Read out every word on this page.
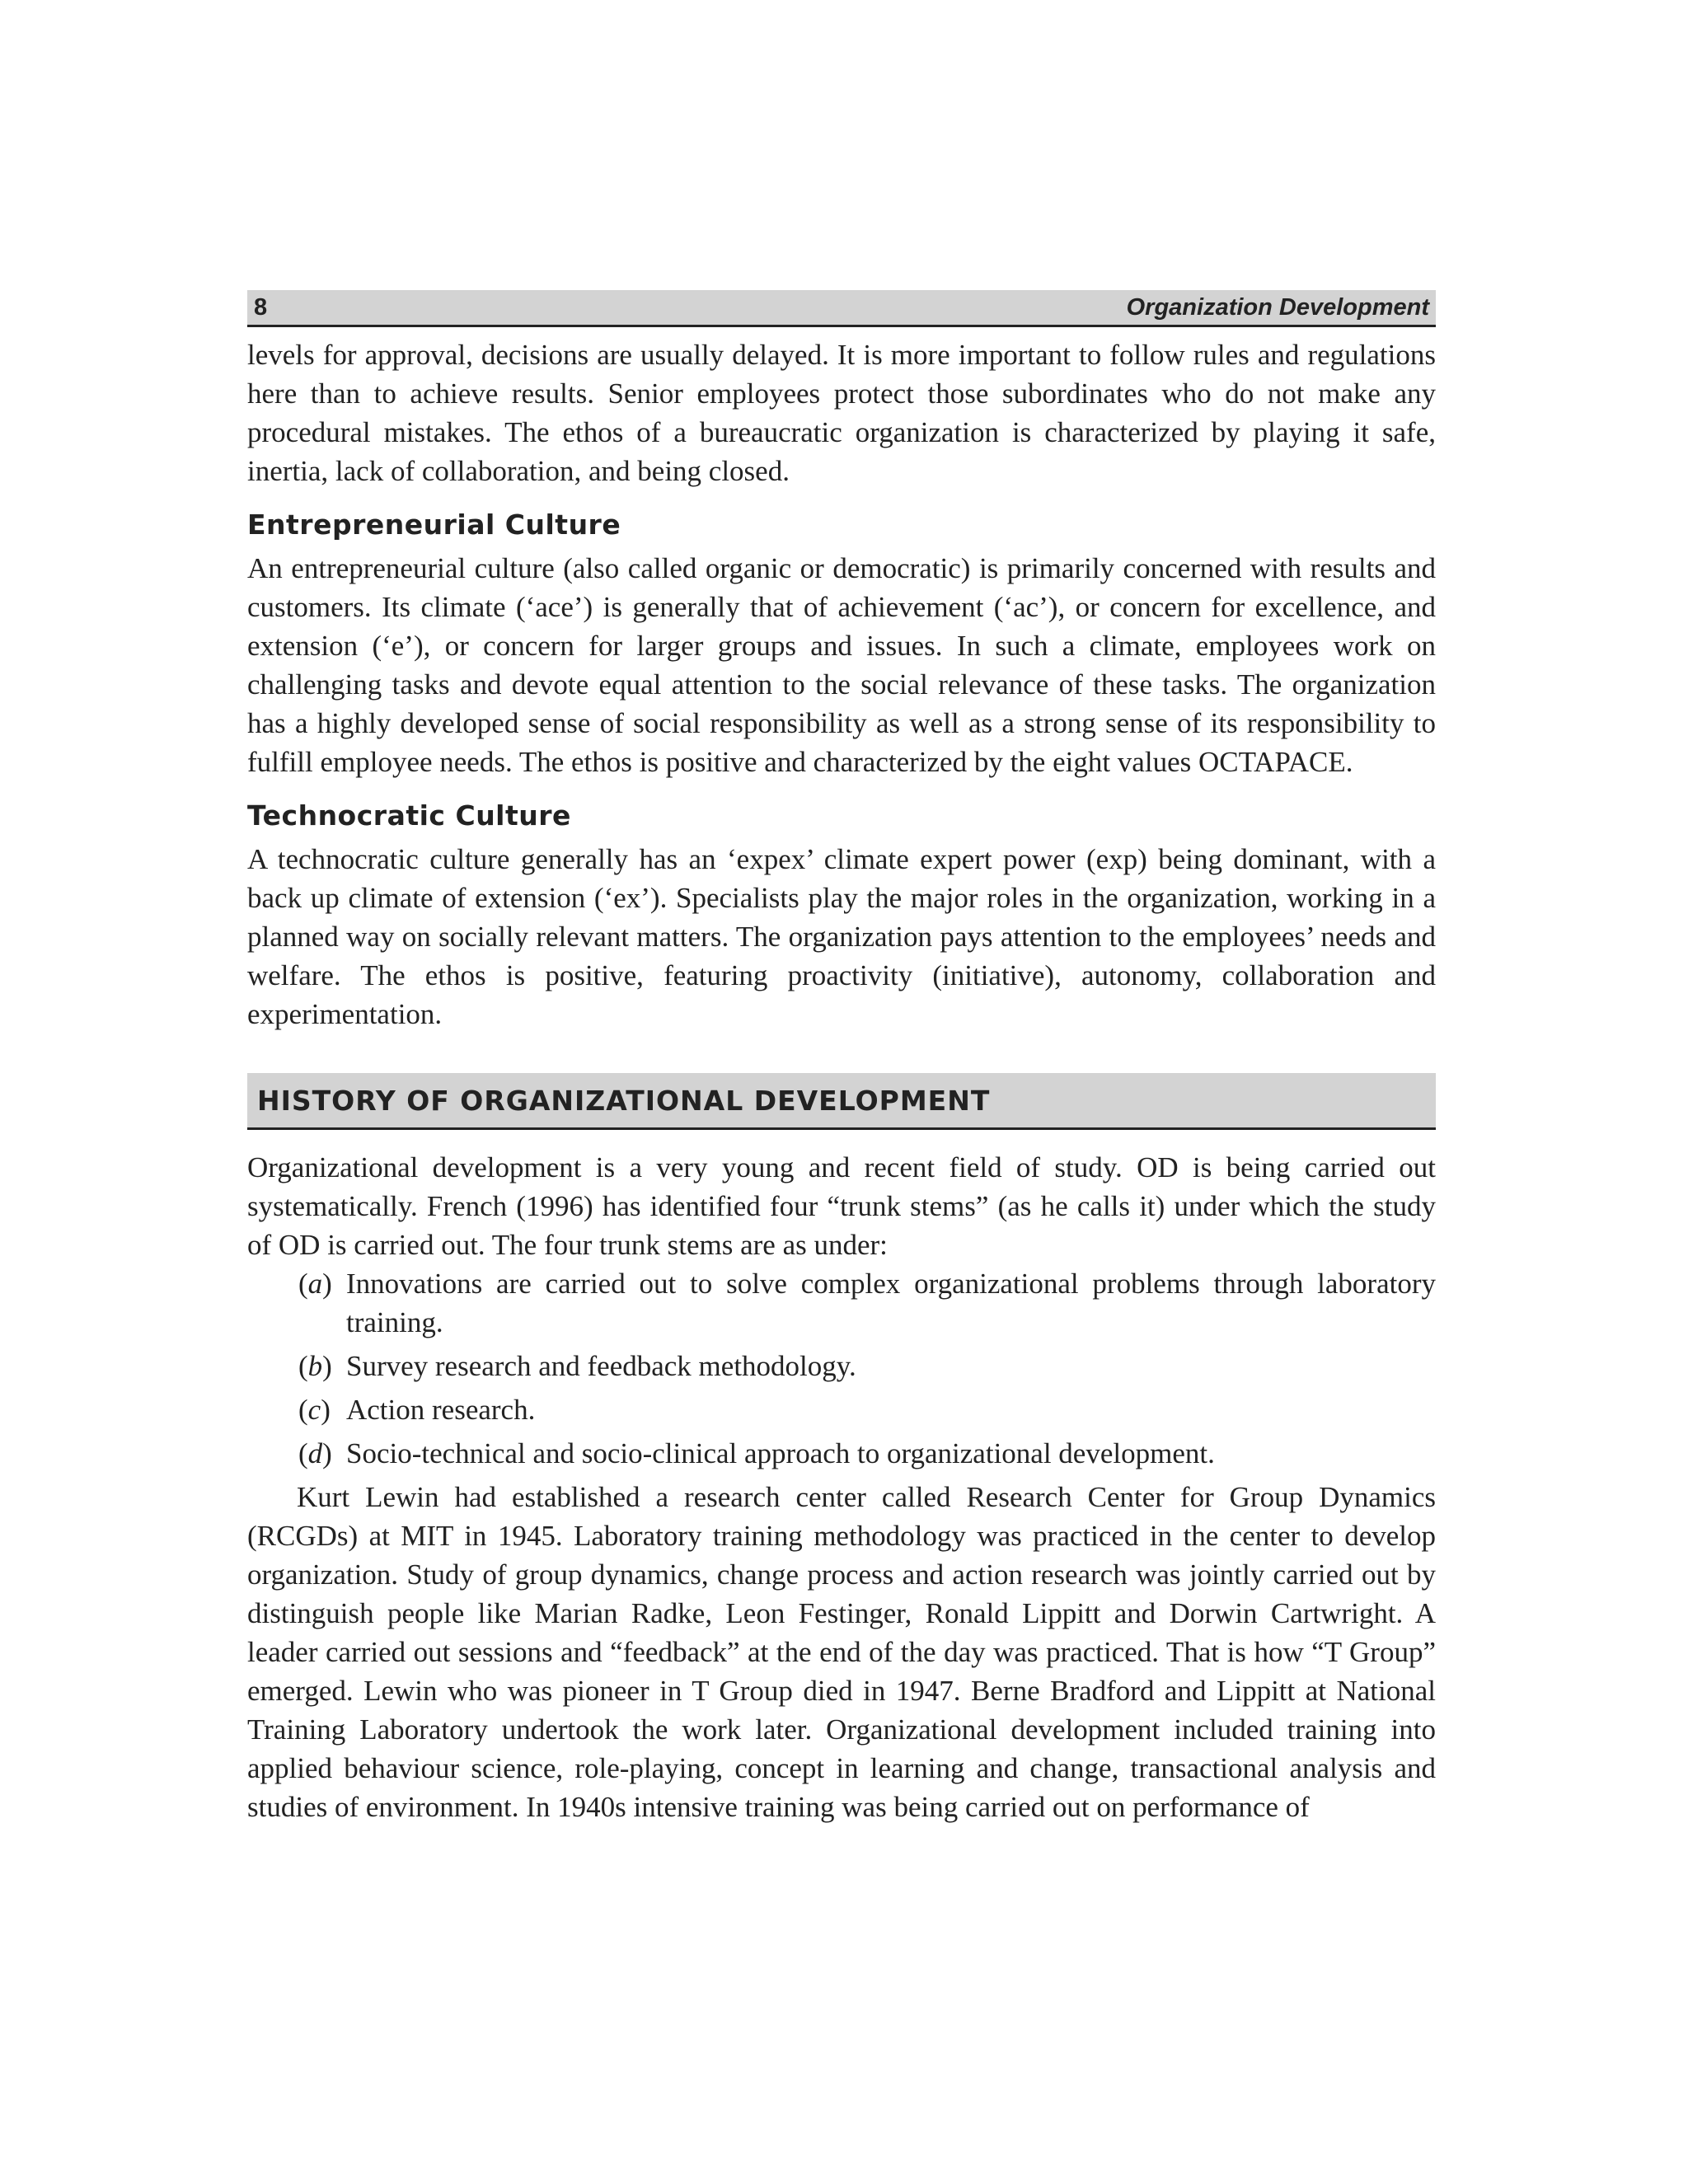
8	Organization Development

levels for approval, decisions are usually delayed. It is more important to follow rules and regulations here than to achieve results. Senior employees protect those subordinates who do not make any procedural mistakes. The ethos of a bureaucratic organization is characterized by playing it safe, inertia, lack of collaboration, and being closed.

Entrepreneurial Culture

An entrepreneurial culture (also called organic or democratic) is primarily concerned with results and customers. Its climate (‘ace’) is generally that of achievement (‘ac’), or concern for excellence, and extension (‘e’), or concern for larger groups and issues. In such a climate, employees work on challenging tasks and devote equal attention to the social relevance of these tasks. The organization has a highly developed sense of social responsibility as well as a strong sense of its responsibility to fulfill employee needs. The ethos is positive and characterized by the eight values OCTAPACE.

Technocratic Culture

A technocratic culture generally has an ‘expex’ climate expert power (exp) being dominant, with a back up climate of extension (‘ex’). Specialists play the major roles in the organization, working in a planned way on socially relevant matters. The organization pays attention to the employees’ needs and welfare. The ethos is positive, featuring proactivity (initiative), autonomy, collaboration and experimentation.

HISTORY OF ORGANIZATIONAL DEVELOPMENT

Organizational development is a very young and recent field of study. OD is being carried out systematically. French (1996) has identified four “trunk stems” (as he calls it) under which the study of OD is carried out. The four trunk stems are as under:

(a) Innovations are carried out to solve complex organizational problems through laboratory training.
(b) Survey research and feedback methodology.
(c) Action research.
(d) Socio-technical and socio-clinical approach to organizational development.

Kurt Lewin had established a research center called Research Center for Group Dynamics (RCGDs) at MIT in 1945. Laboratory training methodology was practiced in the center to develop organization. Study of group dynamics, change process and action research was jointly carried out by distinguish people like Marian Radke, Leon Festinger, Ronald Lippitt and Dorwin Cartwright. A leader carried out sessions and “feedback” at the end of the day was practiced. That is how “T Group” emerged. Lewin who was pioneer in T Group died in 1947. Berne Bradford and Lippitt at National Training Laboratory undertook the work later. Organizational development included training into applied behaviour science, role-playing, concept in learning and change, transactional analysis and studies of environment. In 1940s intensive training was being carried out on performance of
